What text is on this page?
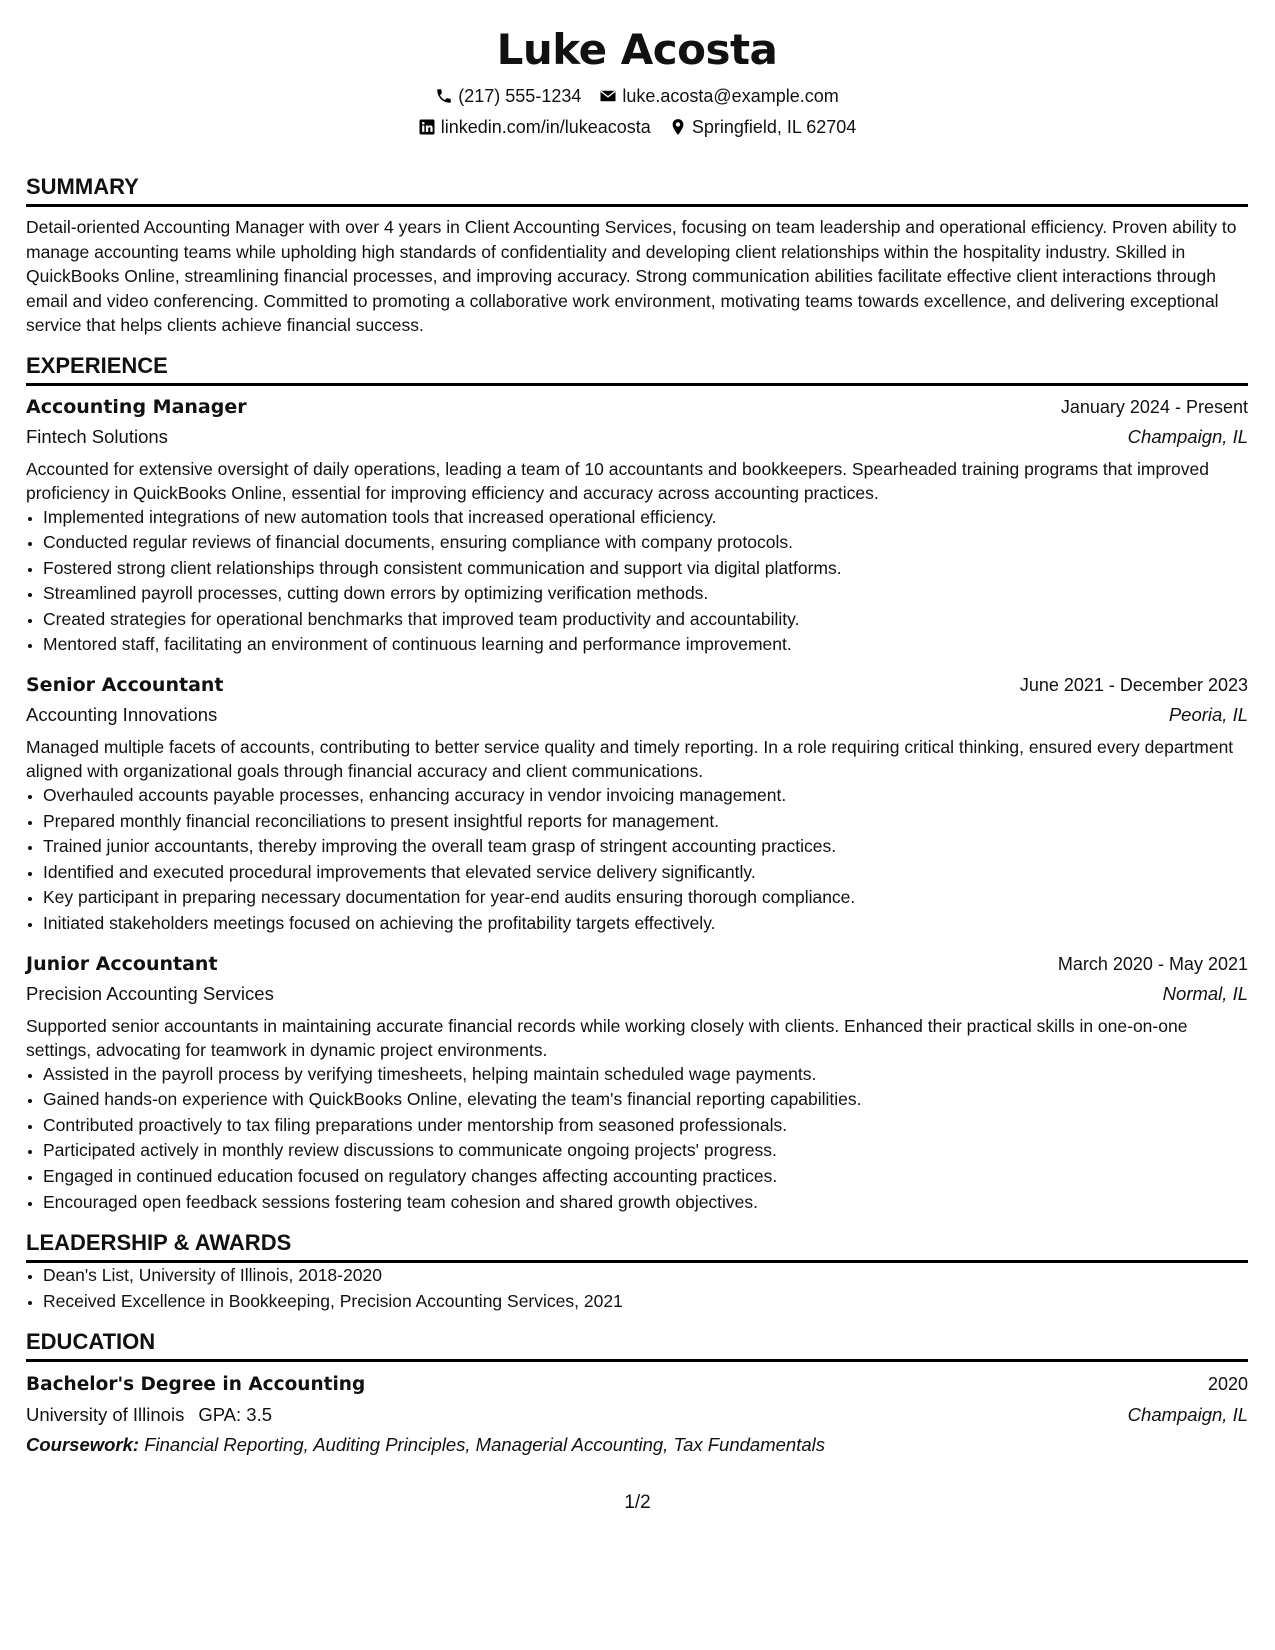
Luke Acosta
(217) 555-1234 luke.acosta@example.com
linkedin.com/in/lukeacosta Springfield, IL 62704
SUMMARY
Detail-oriented Accounting Manager with over 4 years in Client Accounting Services, focusing on team leadership and operational efficiency. Proven ability to manage accounting teams while upholding high standards of confidentiality and developing client relationships within the hospitality industry. Skilled in QuickBooks Online, streamlining financial processes, and improving accuracy. Strong communication abilities facilitate effective client interactions through email and video conferencing. Committed to promoting a collaborative work environment, motivating teams towards excellence, and delivering exceptional service that helps clients achieve financial success.
EXPERIENCE
Accounting Manager	January 2024 - Present
Fintech Solutions	Champaign, IL
Accounted for extensive oversight of daily operations, leading a team of 10 accountants and bookkeepers. Spearheaded training programs that improved proficiency in QuickBooks Online, essential for improving efficiency and accuracy across accounting practices.
• Implemented integrations of new automation tools that increased operational efficiency.
• Conducted regular reviews of financial documents, ensuring compliance with company protocols.
• Fostered strong client relationships through consistent communication and support via digital platforms.
• Streamlined payroll processes, cutting down errors by optimizing verification methods.
• Created strategies for operational benchmarks that improved team productivity and accountability.
• Mentored staff, facilitating an environment of continuous learning and performance improvement.
Senior Accountant	June 2021 - December 2023
Accounting Innovations	Peoria, IL
Managed multiple facets of accounts, contributing to better service quality and timely reporting. In a role requiring critical thinking, ensured every department aligned with organizational goals through financial accuracy and client communications.
• Overhauled accounts payable processes, enhancing accuracy in vendor invoicing management.
• Prepared monthly financial reconciliations to present insightful reports for management.
• Trained junior accountants, thereby improving the overall team grasp of stringent accounting practices.
• Identified and executed procedural improvements that elevated service delivery significantly.
• Key participant in preparing necessary documentation for year-end audits ensuring thorough compliance.
• Initiated stakeholders meetings focused on achieving the profitability targets effectively.
Junior Accountant	March 2020 - May 2021
Precision Accounting Services	Normal, IL
Supported senior accountants in maintaining accurate financial records while working closely with clients. Enhanced their practical skills in one-on-one settings, advocating for teamwork in dynamic project environments.
• Assisted in the payroll process by verifying timesheets, helping maintain scheduled wage payments.
• Gained hands-on experience with QuickBooks Online, elevating the team's financial reporting capabilities.
• Contributed proactively to tax filing preparations under mentorship from seasoned professionals.
• Participated actively in monthly review discussions to communicate ongoing projects' progress.
• Engaged in continued education focused on regulatory changes affecting accounting practices.
• Encouraged open feedback sessions fostering team cohesion and shared growth objectives.
LEADERSHIP & AWARDS
• Dean's List, University of Illinois, 2018-2020
• Received Excellence in Bookkeeping, Precision Accounting Services, 2021
EDUCATION
Bachelor's Degree in Accounting	2020
University of Illinois GPA: 3.5	Champaign, IL
Coursework: Financial Reporting, Auditing Principles, Managerial Accounting, Tax Fundamentals
1/2
